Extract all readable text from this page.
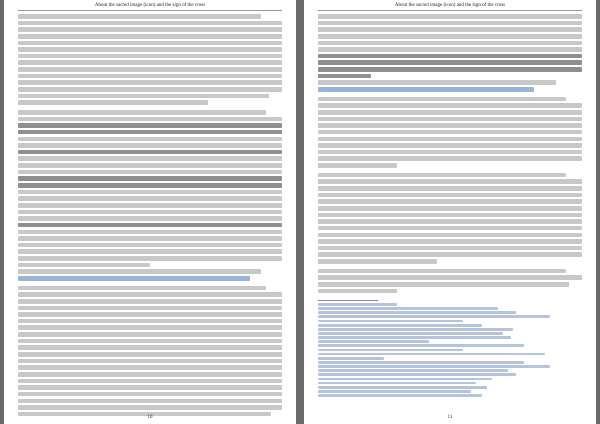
About the sacred image (icon) and the sign of the cross
10
About the sacred image (icon) and the sign of the cross
11
